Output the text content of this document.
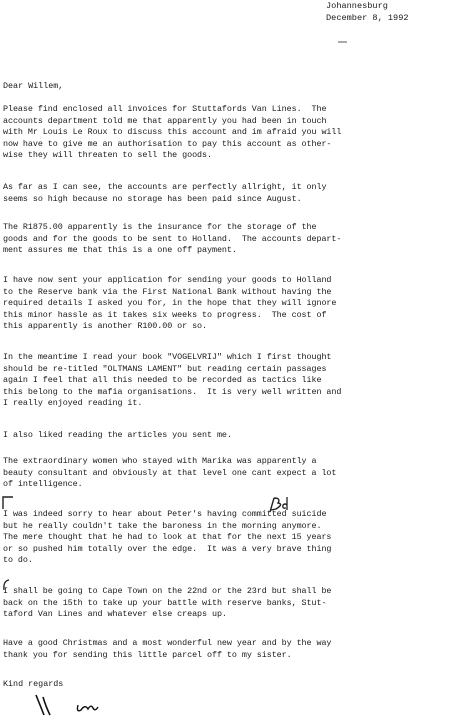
Johannesburg
December 8, 1992
Dear Willem,
Please find enclosed all invoices for Stuttafords Van Lines.  The
accounts department told me that apparently you had been in touch
with Mr Louis Le Roux to discuss this account and im afraid you will
now have to give me an authorisation to pay this account as other-
wise they will threaten to sell the goods.
As far as I can see, the accounts are perfectly allright, it only
seems so high because no storage has been paid since August.
The R1875.00 apparently is the insurance for the storage of the
goods and for the goods to be sent to Holland.  The accounts depart-
ment assures me that this is a one off payment.
I have now sent your application for sending your goods to Holland
to the Reserve bank via the First National Bank without having the
required details I asked you for, in the hope that they will ignore
this minor hassle as it takes six weeks to progress.  The cost of
this apparently is another R100.00 or so.
In the meantime I read your book "VOGELVRIJ" which I first thought
should be re-titled "OLTMANS LAMENT" but reading certain passages
again I feel that all this needed to be recorded as tactics like
this belong to the mafia organisations.  It is very well written and
I really enjoyed reading it.
I also liked reading the articles you sent me.
The extraordinary women who stayed with Marika was apparently a
beauty consultant and obviously at that level one cant expect a lot
of intelligence.
I was indeed sorry to hear about Peter's having committed suicide
but he really couldn't take the baroness in the morning anymore.
The mere thought that he had to look at that for the next 15 years
or so pushed him totally over the edge.  It was a very brave thing
to do.
I shall be going to Cape Town on the 22nd or the 23rd but shall be
back on the 15th to take up your battle with reserve banks, Stut-
taford Van Lines and whatever else creaps up.
Have a good Christmas and a most wonderful new year and by the way
thank you for sending this little parcel off to my sister.
Kind regards
